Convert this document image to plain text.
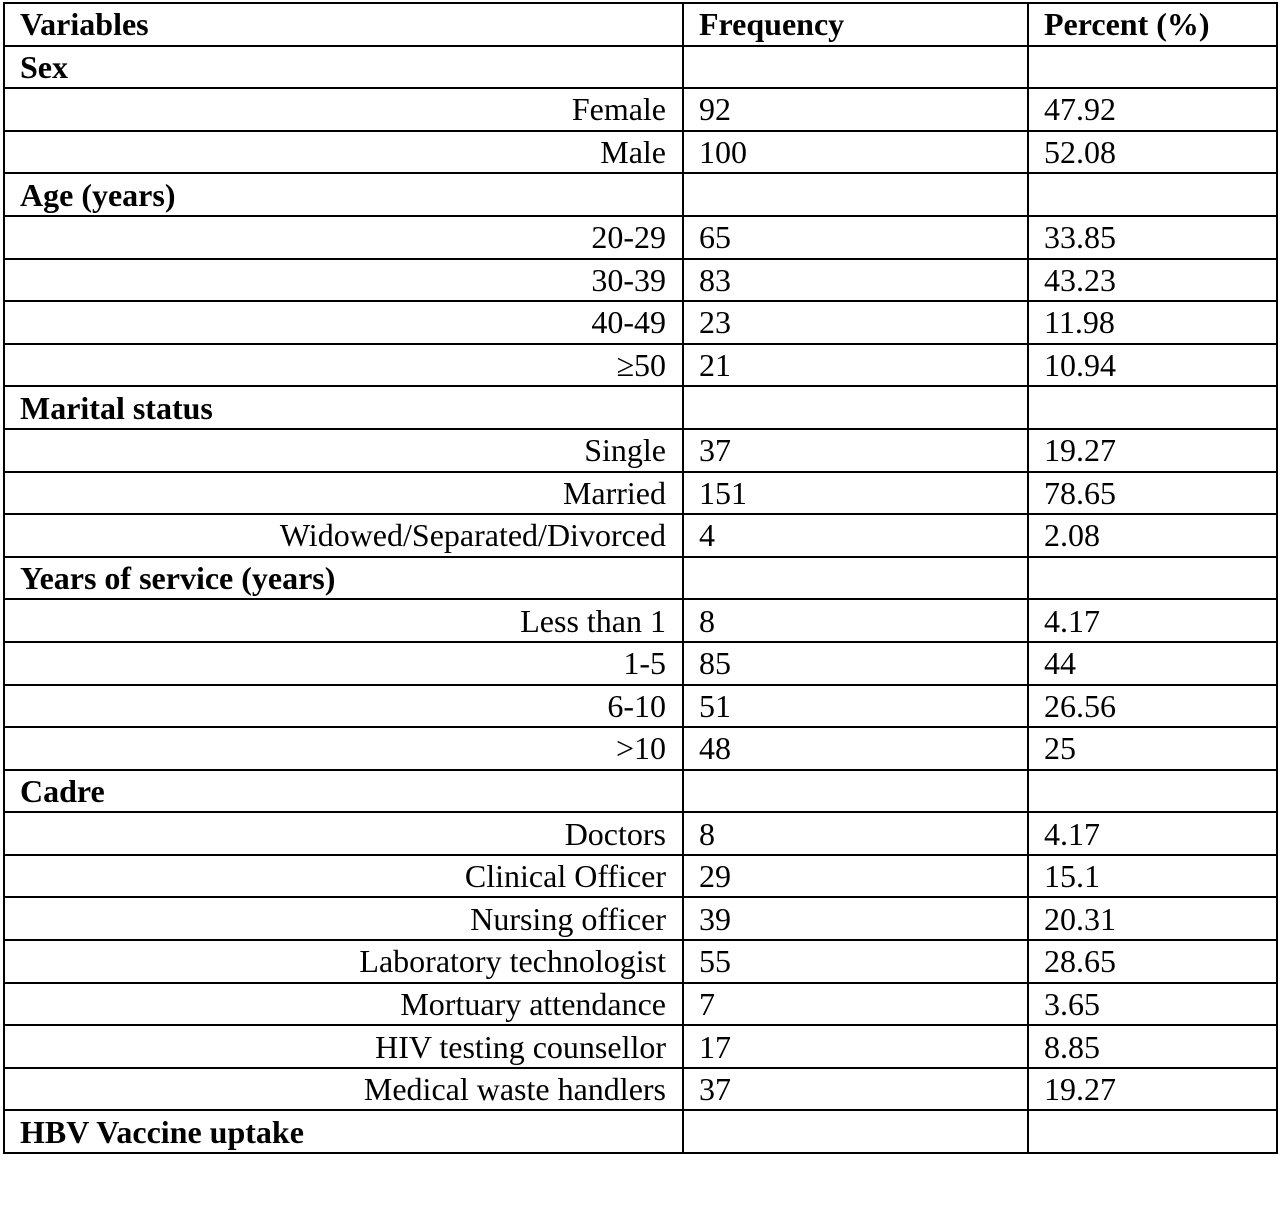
Variables	Frequency	Percent (%)
Sex		
Female	92	47.92
Male	100	52.08
Age (years)		
20-29	65	33.85
30-39	83	43.23
40-49	23	11.98
≥50	21	10.94
Marital status		
Single	37	19.27
Married	151	78.65
Widowed/Separated/Divorced	4	2.08
Years of service (years)		
Less than 1	8	4.17
1-5	85	44
6-10	51	26.56
>10	48	25
Cadre		
Doctors	8	4.17
Clinical Officer	29	15.1
Nursing officer	39	20.31
Laboratory technologist	55	28.65
Mortuary attendance	7	3.65
HIV testing counsellor	17	8.85
Medical waste handlers	37	19.27
HBV Vaccine uptake		
